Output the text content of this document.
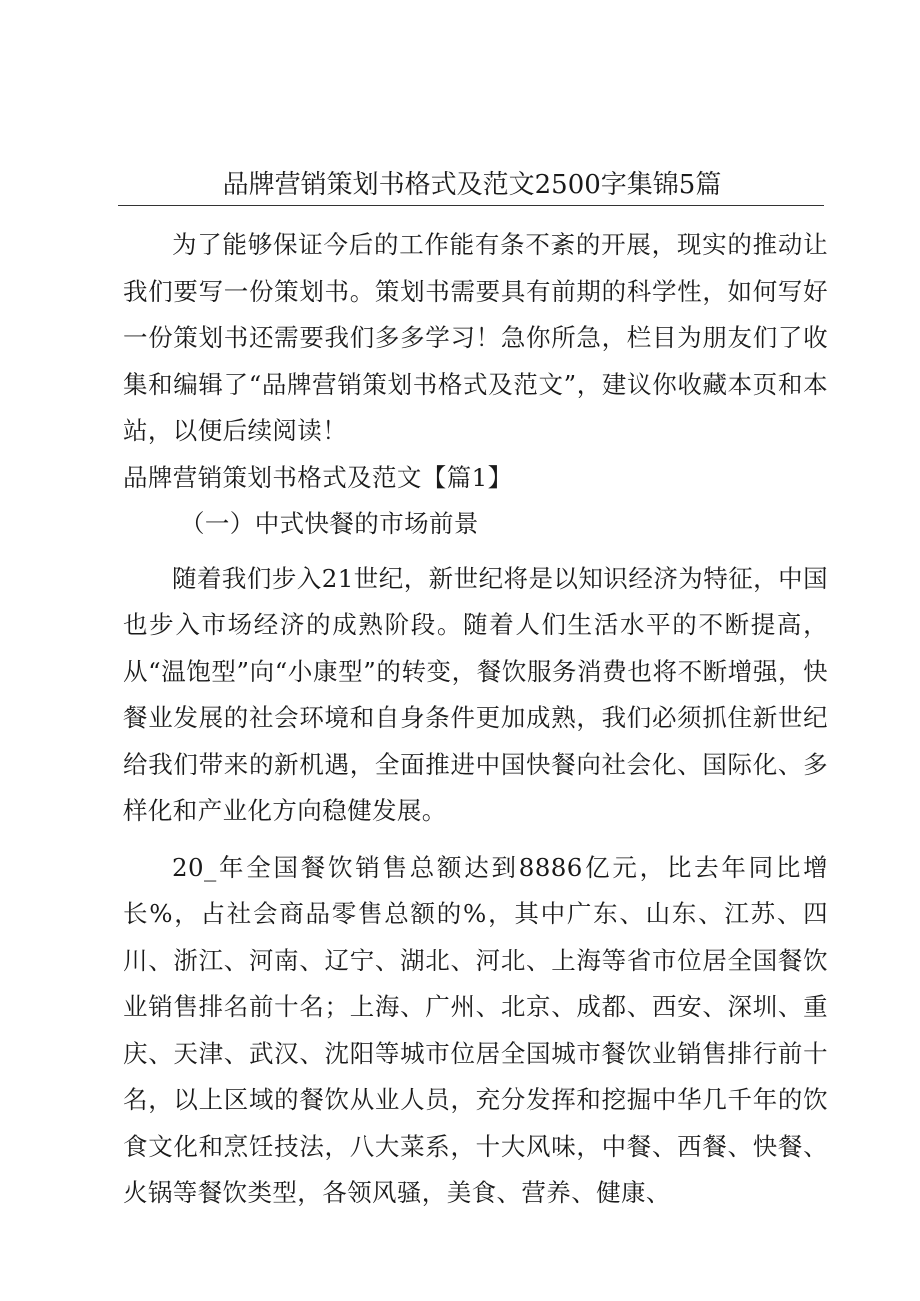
品牌营销策划书格式及范文2500字集锦5篇

为了能够保证今后的工作能有条不紊的开展，现实的推动让我们要写一份策划书。策划书需要具有前期的科学性，如何写好一份策划书还需要我们多多学习！急你所急，栏目为朋友们了收集和编辑了“品牌营销策划书格式及范文”，建议你收藏本页和本站，以便后续阅读！

品牌营销策划书格式及范文【篇1】

（一）中式快餐的市场前景

随着我们步入21世纪，新世纪将是以知识经济为特征，中国也步入市场经济的成熟阶段。随着人们生活水平的不断提高，从“温饱型”向“小康型”的转变，餐饮服务消费也将不断增强，快餐业发展的社会环境和自身条件更加成熟，我们必须抓住新世纪给我们带来的新机遇，全面推进中国快餐向社会化、国际化、多样化和产业化方向稳健发展。

20_年全国餐饮销售总额达到8886亿元，比去年同比增长%，占社会商品零售总额的%，其中广东、山东、江苏、四川、浙江、河南、辽宁、湖北、河北、上海等省市位居全国餐饮业销售排名前十名；上海、广州、北京、成都、西安、深圳、重庆、天津、武汉、沈阳等城市位居全国城市餐饮业销售排行前十名，以上区域的餐饮从业人员，充分发挥和挖掘中华几千年的饮食文化和烹饪技法，八大菜系，十大风味，中餐、西餐、快餐、火锅等餐饮类型，各领风骚，美食、营养、健康、
